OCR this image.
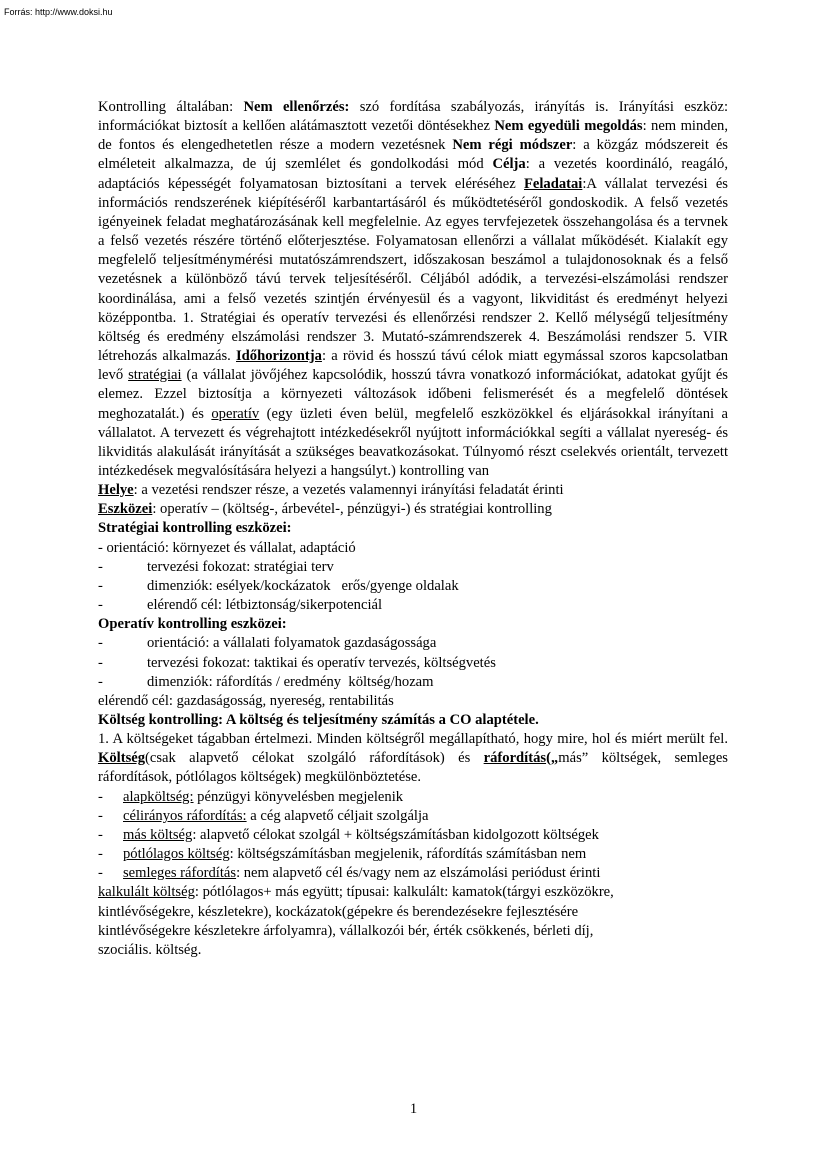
Forrás: http://www.doksi.hu

Kontrolling általában: Nem ellenőrzés: szó fordítása szabályozás, irányítás is. Irányítási eszköz: információkat biztosít a kellően alátámasztott vezetői döntésekhez Nem egyedüli megoldás: nem minden, de fontos és elengedhetetlen része a modern vezetésnek Nem régi módszer: a közgáz módszereit és elméleteit alkalmazza, de új szemlélet és gondolkodási mód Célja: a vezetés koordináló, reagáló, adaptációs képességét folyamatosan biztosítani a tervek eléréséhez Feladatai:A vállalat tervezési és információs rendszerének kiépítéséről karbantartásáról és működtetéséről gondoskodik. A felső vezetés igényeinek feladat meghatározásának kell megfelelnie. Az egyes tervfejezetek összehangolása és a tervnek a felső vezetés részére történő előterjesztése. Folyamatosan ellenőrzi a vállalat működését. Kialakít egy megfelelő teljesítménymérési mutatószámrendszert, időszakosan beszámol a tulajdonosoknak és a felső vezetésnek a különböző távú tervek teljesítéséről. Céljából adódik, a tervezési-elszámolási rendszer koordinálása, ami a felső vezetés szintjén érvényesül és a vagyont, likviditást és eredményt helyezi középpontba. 1. Stratégiai és operatív tervezési és ellenőrzési rendszer 2. Kellő mélységű teljesítmény költség és eredmény elszámolási rendszer 3. Mutató-számrendszerek 4. Beszámolási rendszer 5. VIR létrehozás alkalmazás. Időhorizontja: a rövid és hosszú távú célok miatt egymással szoros kapcsolatban levő stratégiai (a vállalat jövőjéhez kapcsolódik, hosszú távra vonatkozó információkat, adatokat gyűjt és elemez. Ezzel biztosítja a környezeti változások időbeni felismerését és a megfelelő döntések meghozatalát.) és operatív (egy üzleti éven belül, megfelelő eszközökkel és eljárásokkal irányítani a vállalatot. A tervezett és végrehajtott intézkedésekről nyújtott információkkal segíti a vállalat nyereség- és likviditás alakulását irányítását a szükséges beavatkozásokat. Túlnyomó részt cselekvés orientált, tervezett intézkedések megvalósítására helyezi a hangsúlyt.) kontrolling van

Helye: a vezetési rendszer része, a vezetés valamennyi irányítási feladatát érinti

Eszközei: operatív – (költség-, árbevétel-, pénzügyi-) és stratégiai kontrolling

Stratégiai kontrolling eszközei:

- orientáció: környezet és vállalat, adaptáció

-	tervezési fokozat: stratégiai terv
-	dimenziók: esélyek/kockázatok   erős/gyenge oldalak
-	elérendő cél: létbiztonság/sikerpotenciál

Operatív kontrolling eszközei:

-	orientáció: a vállalati folyamatok gazdaságossága
-	tervezési fokozat: taktikai és operatív tervezés, költségvetés
-	dimenziók: ráfordítás / eredmény  költség/hozam

elérendő cél: gazdaságosság, nyereség, rentabilitás

Költség kontrolling: A költség és teljesítmény számítás a CO alaptétele.

1. A költségeket tágabban értelmezi. Minden költségről megállapítható, hogy mire, hol és miért merült fel. Költség(csak alapvető célokat szolgáló ráfordítások) és ráfordítás(„más” költségek, semleges ráfordítások, pótlólagos költségek) megkülönböztetése.

-	alapköltség: pénzügyi könyvelésben megjelenik
-	célirányos ráfordítás: a cég alapvető céljait szolgálja
-	más költség: alapvető célokat szolgál + költségszámításban kidolgozott költségek
-	pótlólagos költség: költségszámításban megjelenik, ráfordítás számításban nem
-	semleges ráfordítás: nem alapvető cél és/vagy nem az elszámolási periódust érinti

kalkulált költség: pótlólagos+ más együtt; típusai: kalkulált: kamatok(tárgyi eszközökre,

kintlévőségekre, készletekre), kockázatok(gépekre és berendezésekre fejlesztésére

kintlévőségekre készletekre árfolyamra), vállalkozói bér, érték csökkenés, bérleti díj,

szociális. költség.

1
